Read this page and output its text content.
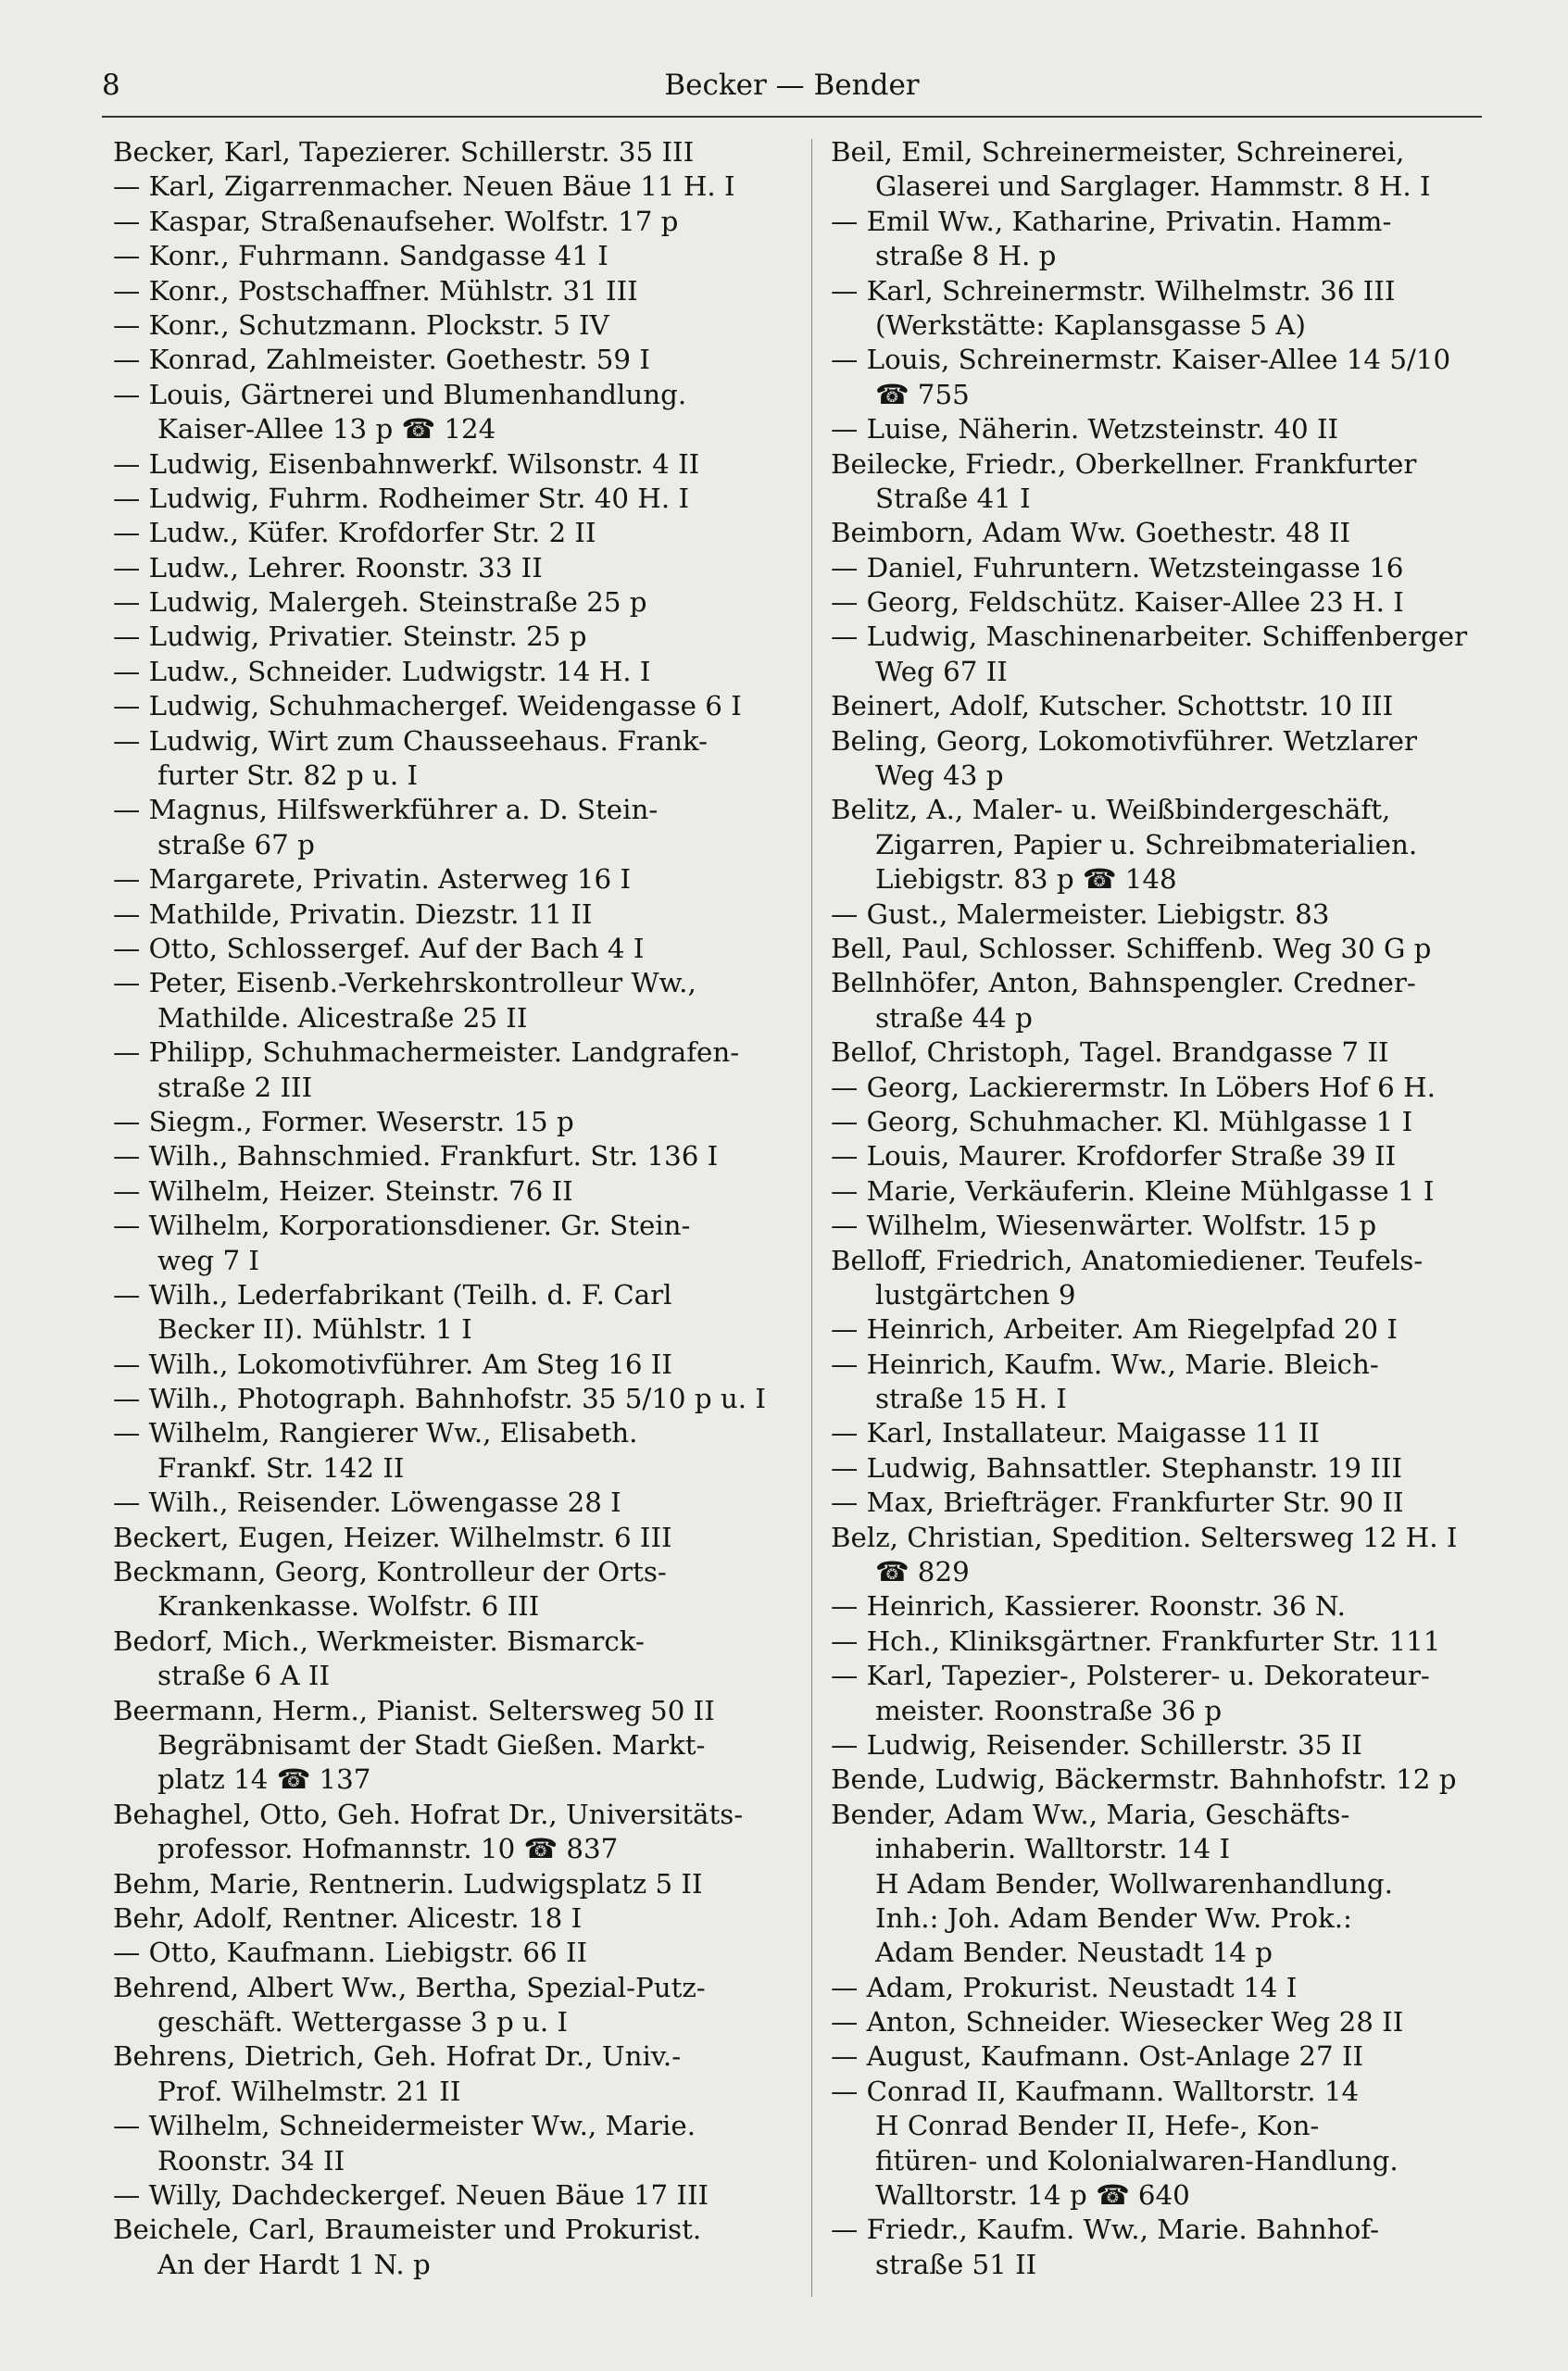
8	Becker — Bender
Becker, Karl, Tapezierer. Schillerstr. 35 III
— Karl, Zigarrenmacher. Neuen Bäue 11 H. I
— Kaspar, Straßenaufseher. Wolfstr. 17 p
— Konr., Fuhrmann. Sandgasse 41 I
— Konr., Postschaffner. Mühlstr. 31 III
— Konr., Schutzmann. Plockstr. 5 IV
— Konrad, Zahlmeister. Goethestr. 59 I
— Louis, Gärtnerei und Blumenhandlung.
Kaiser-Allee 13 p ☎ 124
— Ludwig, Eisenbahnwerkf. Wilsonstr. 4 II
— Ludwig, Fuhrm. Rodheimer Str. 40 H. I
— Ludw., Küfer. Krofdorfer Str. 2 II
— Ludw., Lehrer. Roonstr. 33 II
— Ludwig, Malergeh. Steinstraße 25 p
— Ludwig, Privatier. Steinstr. 25 p
— Ludw., Schneider. Ludwigstr. 14 H. I
— Ludwig, Schuhmachergef. Weidengasse 6 I
— Ludwig, Wirt zum Chausseehaus. Frank-
furter Str. 82 p u. I
— Magnus, Hilfswerkführer a. D. Stein-
straße 67 p
— Margarete, Privatin. Asterweg 16 I
— Mathilde, Privatin. Diezstr. 11 II
— Otto, Schlossergef. Auf der Bach 4 I
— Peter, Eisenb.-Verkehrskontrolleur Ww.,
Mathilde. Alicestraße 25 II
— Philipp, Schuhmachermeister. Landgrafen-
straße 2 III
— Siegm., Former. Weserstr. 15 p
— Wilh., Bahnschmied. Frankfurt. Str. 136 I
— Wilhelm, Heizer. Steinstr. 76 II
— Wilhelm, Korporationsdiener. Gr. Stein-
weg 7 I
— Wilh., Lederfabrikant (Teilh. d. F. Carl
Becker II). Mühlstr. 1 I
— Wilh., Lokomotivführer. Am Steg 16 II
— Wilh., Photograph. Bahnhofstr. 35 5/10 p u. I
— Wilhelm, Rangierer Ww., Elisabeth.
Frankf. Str. 142 II
— Wilh., Reisender. Löwengasse 28 I
Beckert, Eugen, Heizer. Wilhelmstr. 6 III
Beckmann, Georg, Kontrolleur der Orts-
Krankenkasse. Wolfstr. 6 III
Bedorf, Mich., Werkmeister. Bismarck-
straße 6 A II
Beermann, Herm., Pianist. Seltersweg 50 II
Begräbnisamt der Stadt Gießen. Markt-
platz 14 ☎ 137
Behaghel, Otto, Geh. Hofrat Dr., Universitäts-
professor. Hofmannstr. 10 ☎ 837
Behm, Marie, Rentnerin. Ludwigsplatz 5 II
Behr, Adolf, Rentner. Alicestr. 18 I
— Otto, Kaufmann. Liebigstr. 66 II
Behrend, Albert Ww., Bertha, Spezial-Putz-
geschäft. Wettergasse 3 p u. I
Behrens, Dietrich, Geh. Hofrat Dr., Univ.-
Prof. Wilhelmstr. 21 II
— Wilhelm, Schneidermeister Ww., Marie.
Roonstr. 34 II
— Willy, Dachdeckergef. Neuen Bäue 17 III
Beichele, Carl, Braumeister und Prokurist.
An der Hardt 1 N. p
Beil, Emil, Schreinermeister, Schreinerei,
Glaserei und Sarglager. Hammstr. 8 H. I
— Emil Ww., Katharine, Privatin. Hamm-
straße 8 H. p
— Karl, Schreinermstr. Wilhelmstr. 36 III
(Werkstätte: Kaplansgasse 5 A)
— Louis, Schreinermstr. Kaiser-Allee 14 5/10
☎ 755
— Luise, Näherin. Wetzsteinstr. 40 II
Beilecke, Friedr., Oberkellner. Frankfurter
Straße 41 I
Beimborn, Adam Ww. Goethestr. 48 II
— Daniel, Fuhruntern. Wetzsteingasse 16
— Georg, Feldschütz. Kaiser-Allee 23 H. I
— Ludwig, Maschinenarbeiter. Schiffenberger
Weg 67 II
Beinert, Adolf, Kutscher. Schottstr. 10 III
Beling, Georg, Lokomotivführer. Wetzlarer
Weg 43 p
Belitz, A., Maler- u. Weißbindergeschäft,
Zigarren, Papier u. Schreibmaterialien.
Liebigstr. 83 p ☎ 148
— Gust., Malermeister. Liebigstr. 83
Bell, Paul, Schlosser. Schiffenb. Weg 30 G p
Bellnhöfer, Anton, Bahnspengler. Credner-
straße 44 p
Bellof, Christoph, Tagel. Brandgasse 7 II
— Georg, Lackierermstr. In Löbers Hof 6 H.
— Georg, Schuhmacher. Kl. Mühlgasse 1 I
— Louis, Maurer. Krofdorfer Straße 39 II
— Marie, Verkäuferin. Kleine Mühlgasse 1 I
— Wilhelm, Wiesenwärter. Wolfstr. 15 p
Belloff, Friedrich, Anatomiediener. Teufels-
lustgärtchen 9
— Heinrich, Arbeiter. Am Riegelpfad 20 I
— Heinrich, Kaufm. Ww., Marie. Bleich-
straße 15 H. I
— Karl, Installateur. Maigasse 11 II
— Ludwig, Bahnsattler. Stephanstr. 19 III
— Max, Briefträger. Frankfurter Str. 90 II
Belz, Christian, Spedition. Seltersweg 12 H. I
☎ 829
— Heinrich, Kassierer. Roonstr. 36 N.
— Hch., Kliniksgärtner. Frankfurter Str. 111
— Karl, Tapezier-, Polsterer- u. Dekorateur-
meister. Roonstraße 36 p
— Ludwig, Reisender. Schillerstr. 35 II
Bende, Ludwig, Bäckermstr. Bahnhofstr. 12 p
Bender, Adam Ww., Maria, Geschäfts-
inhaberin. Walltorstr. 14 I
H Adam Bender, Wollwarenhandlung.
Inh.: Joh. Adam Bender Ww. Prok.:
Adam Bender. Neustadt 14 p
— Adam, Prokurist. Neustadt 14 I
— Anton, Schneider. Wiesecker Weg 28 II
— August, Kaufmann. Ost-Anlage 27 II
— Conrad II, Kaufmann. Walltorstr. 14
H Conrad Bender II, Hefe-, Kon-
fitüren- und Kolonialwaren-Handlung.
Walltorstr. 14 p ☎ 640
— Friedr., Kaufm. Ww., Marie. Bahnhof-
straße 51 II
